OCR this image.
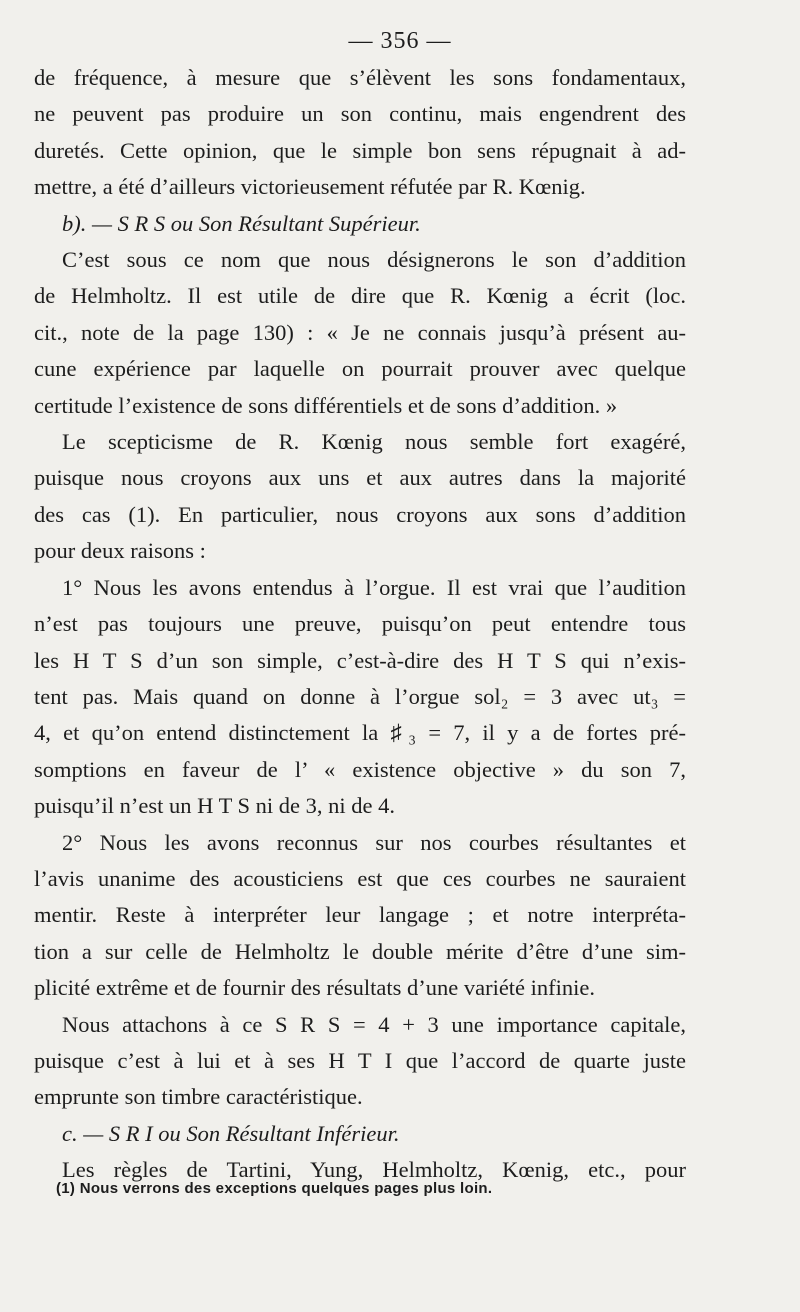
— 356 —
de fréquence, à mesure que s’élèvent les sons fondamentaux,
ne peuvent pas produire un son continu, mais engendrent des
duretés. Cette opinion, que le simple bon sens répugnait à ad-
mettre, a été d’ailleurs victorieusement réfutée par R. Kœnig.
b). — S R S ou Son Résultant Supérieur.
C’est sous ce nom que nous désignerons le son d’addition
de Helmholtz. Il est utile de dire que R. Kœnig a écrit (loc.
cit., note de la page 130) : « Je ne connais jusqu’à présent au-
cune expérience par laquelle on pourrait prouver avec quelque
certitude l’existence de sons différentiels et de sons d’addition. »
Le scepticisme de R. Kœnig nous semble fort exagéré,
puisque nous croyons aux uns et aux autres dans la majorité
des cas (1). En particulier, nous croyons aux sons d’addition
pour deux raisons :
1° Nous les avons entendus à l’orgue. Il est vrai que l’audition
n’est pas toujours une preuve, puisqu’on peut entendre tous
les H T S d’un son simple, c’est-à-dire des H T S qui n’exis-
tent pas. Mais quand on donne à l’orgue sol₂ = 3 avec ut₃ =
4, et qu’on entend distinctement la ♯₃ = 7, il y a de fortes pré-
somptions en faveur de l’ « existence objective » du son 7,
puisqu’il n’est un H T S ni de 3, ni de 4.
2° Nous les avons reconnus sur nos courbes résultantes et
l’avis unanime des acousticiens est que ces courbes ne sauraient
mentir. Reste à interpréter leur langage ; et notre interpréta-
tion a sur celle de Helmholtz le double mérite d’être d’une sim-
plicité extrême et de fournir des résultats d’une variété infinie.
Nous attachons à ce S R S = 4 + 3 une importance capitale,
puisque c’est à lui et à ses H T I que l’accord de quarte juste
emprunte son timbre caractéristique.
c. — S R I ou Son Résultant Inférieur.
Les règles de Tartini, Yung, Helmholtz, Kœnig, etc., pour
(1) Nous verrons des exceptions quelques pages plus loin.
